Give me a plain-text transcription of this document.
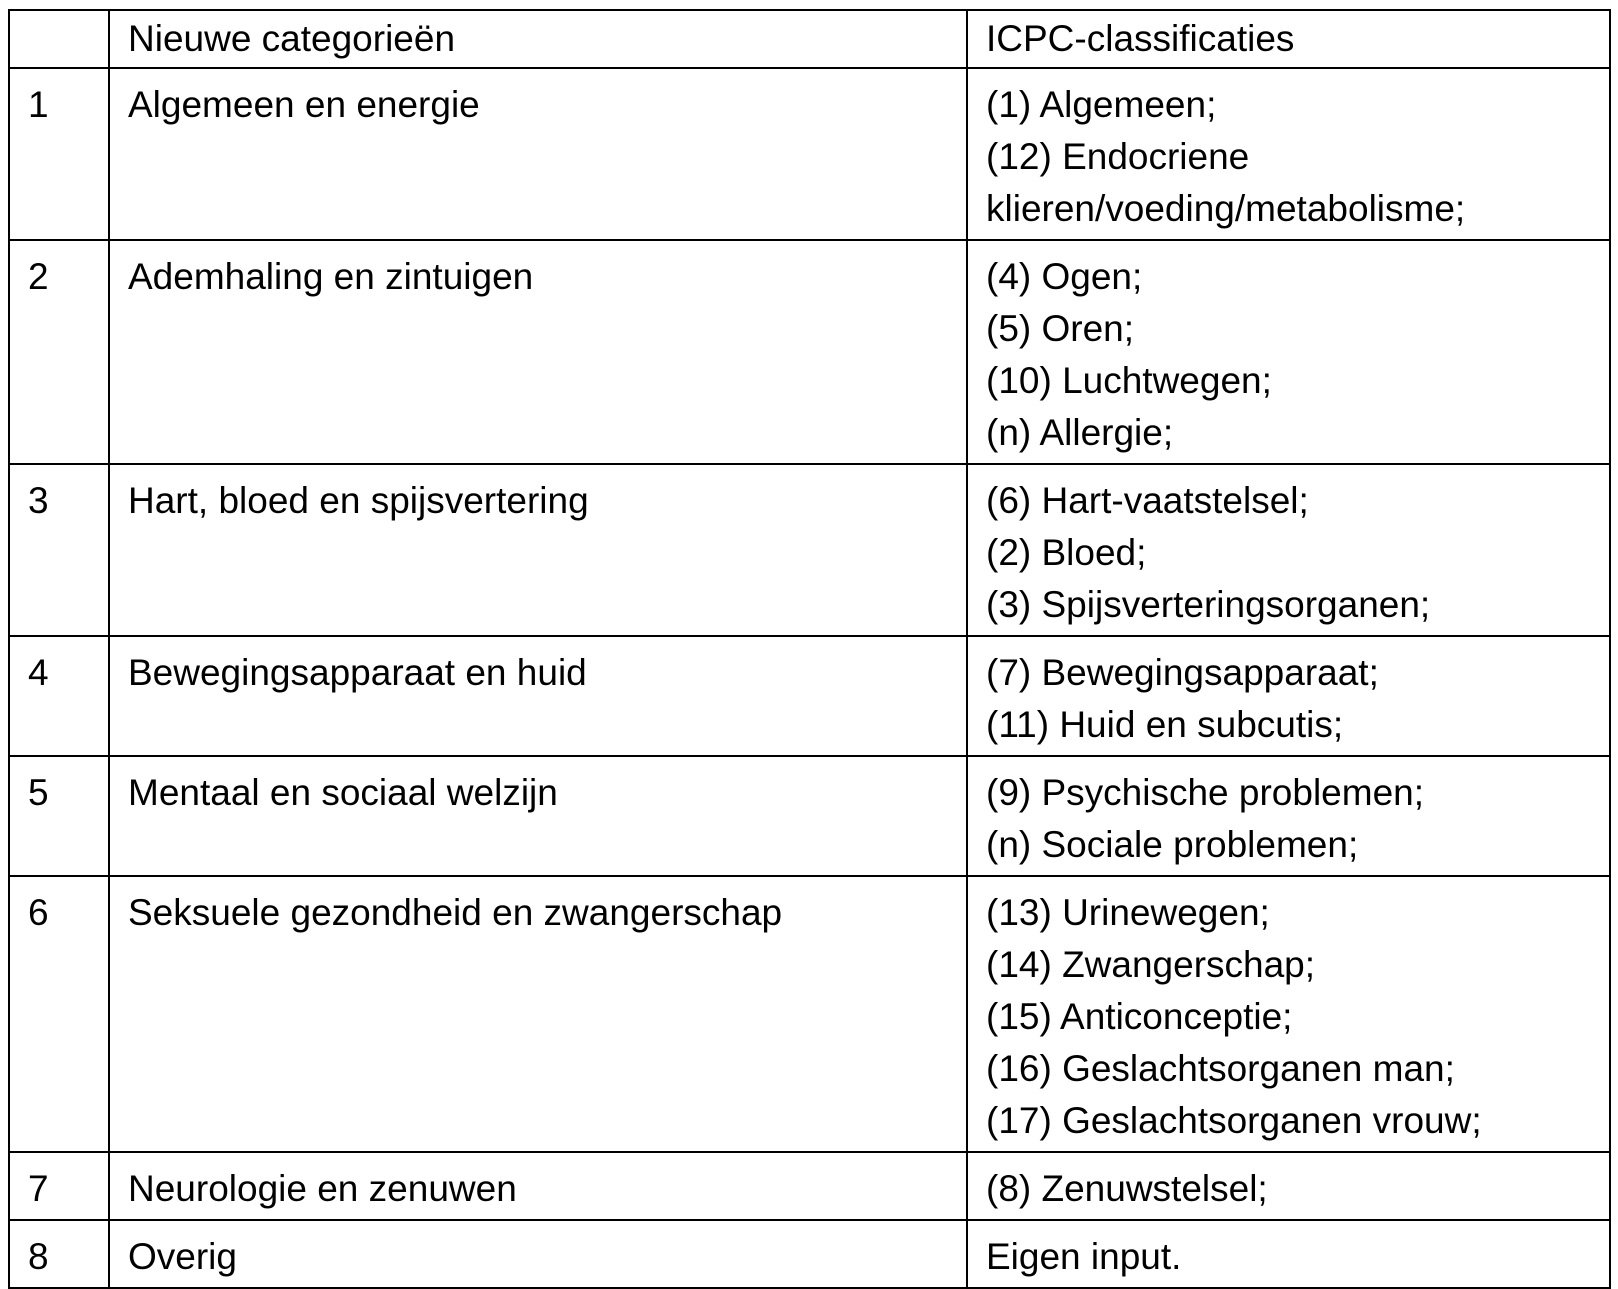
	Nieuwe categorieën	ICPC-classificaties
1	Algemeen en energie	(1) Algemeen;
(12) Endocriene
klieren/voeding/metabolisme;

2	Ademhaling en zintuigen	(4) Ogen;
(5) Oren;
(10) Luchtwegen;
(n) Allergie;

3	Hart, bloed en spijsvertering	(6) Hart-vaatstelsel;
(2) Bloed;
(3) Spijsverteringsorganen;

4	Bewegingsapparaat en huid	(7) Bewegingsapparaat;
(11) Huid en subcutis;

5	Mentaal en sociaal welzijn	(9) Psychische problemen;
(n) Sociale problemen;

6	Seksuele gezondheid en zwangerschap	(13) Urinewegen;
(14) Zwangerschap;
(15) Anticonceptie;
(16) Geslachtsorganen man;
(17) Geslachtsorganen vrouw;

7	Neurologie en zenuwen	(8) Zenuwstelsel;

8	Overig	Eigen input.
